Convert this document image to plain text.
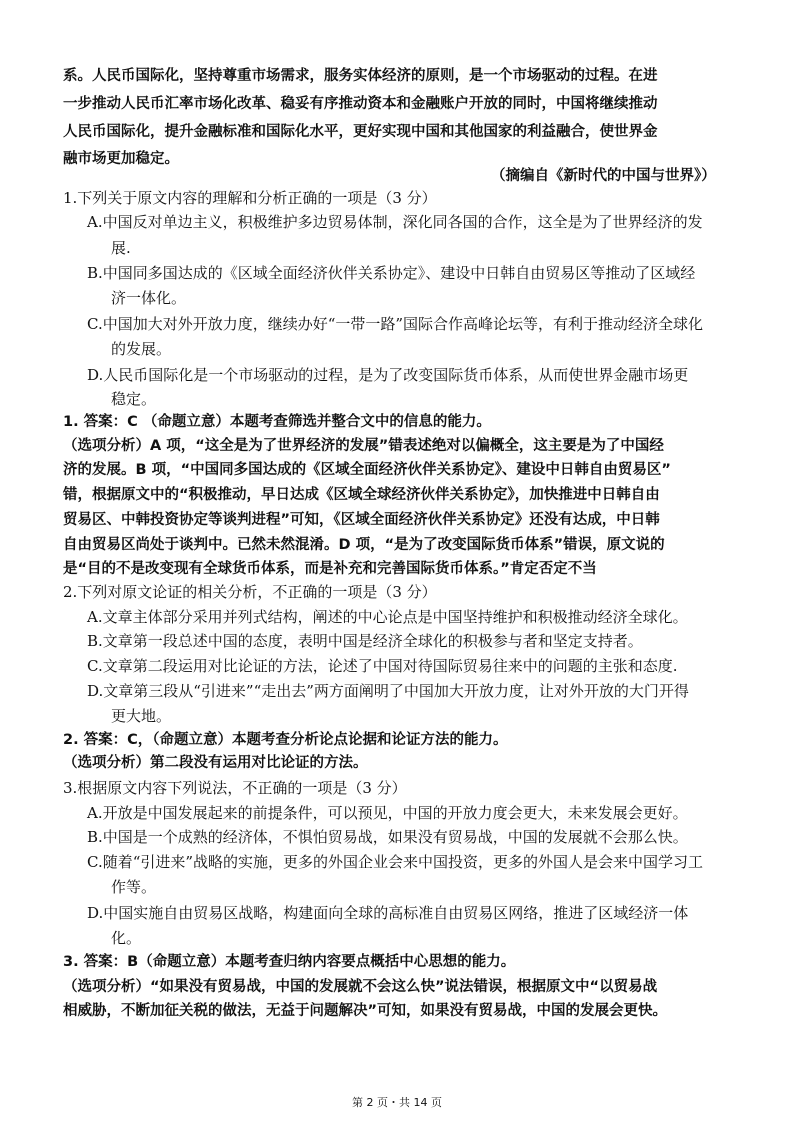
系。人民币国际化，坚持尊重市场需求，服务实体经济的原则，是一个市场驱动的过程。在进
一步推动人民币汇率市场化改革、稳妥有序推动资本和金融账户开放的同时，中国将继续推动
人民币国际化，提升金融标准和国际化水平，更好实现中国和其他国家的利益融合，使世界金
融市场更加稳定。
（摘编自《新时代的中国与世界》）
1.下列关于原文内容的理解和分析正确的一项是（3 分）
A.中国反对单边主义，积极维护多边贸易体制，深化同各国的合作，这全是为了世界经济的发
展.
B.中国同多国达成的《区域全面经济伙伴关系协定》、建设中日韩自由贸易区等推动了区域经
济一体化。
C.中国加大对外开放力度，继续办好“一带一路”国际合作高峰论坛等，有利于推动经济全球化
的发展。
D.人民币国际化是一个市场驱动的过程，是为了改变国际货币体系，从而使世界金融市场更
稳定。
1. 答案：C （命题立意）本题考查筛选并整合文中的信息的能力。
（选项分析）A 项，“这全是为了世界经济的发展”错表述绝对以偏概全，这主要是为了中国经
济的发展。B 项，“中国同多国达成的《区域全面经济伙伴关系协定》、建设中日韩自由贸易区”
错，根据原文中的“积极推动，早日达成《区域全球经济伙伴关系协定》，加快推进中日韩自由
贸易区、中韩投资协定等谈判进程”可知，《区域全面经济伙伴关系协定》还没有达成，中日韩
自由贸易区尚处于谈判中。已然未然混淆。D 项，“是为了改变国际货币体系”错误，原文说的
是“目的不是改变现有全球货币体系，而是补充和完善国际货币体系。”肯定否定不当
2.下列对原文论证的相关分析，不正确的一项是（3 分）
A.文章主体部分采用并列式结构，阐述的中心论点是中国坚持维护和积极推动经济全球化。
B.文章第一段总述中国的态度，表明中国是经济全球化的积极参与者和坚定支持者。
C.文章第二段运用对比论证的方法，论述了中国对待国际贸易往来中的问题的主张和态度.
D.文章第三段从“引进来”“走出去”两方面阐明了中国加大开放力度，让对外开放的大门开得
更大地。
2. 答案：C，（命题立意）本题考查分析论点论据和论证方法的能力。
（选项分析）第二段没有运用对比论证的方法。
3.根据原文内容下列说法，不正确的一项是（3 分）
A.开放是中国发展起来的前提条件，可以预见，中国的开放力度会更大，未来发展会更好。
B.中国是一个成熟的经济体，不惧怕贸易战，如果没有贸易战，中国的发展就不会那么快。
C.随着“引进来”战略的实施，更多的外国企业会来中国投资，更多的外国人是会来中国学习工
作等。
D.中国实施自由贸易区战略，构建面向全球的高标准自由贸易区网络，推进了区域经济一体
化。
3. 答案：B（命题立意）本题考查归纳内容要点概括中心思想的能力。
（选项分析）“如果没有贸易战，中国的发展就不会这么快”说法错误，根据原文中“以贸易战
相威胁，不断加征关税的做法，无益于问题解决”可知，如果没有贸易战，中国的发展会更快。
第 2 页・共 14 页
